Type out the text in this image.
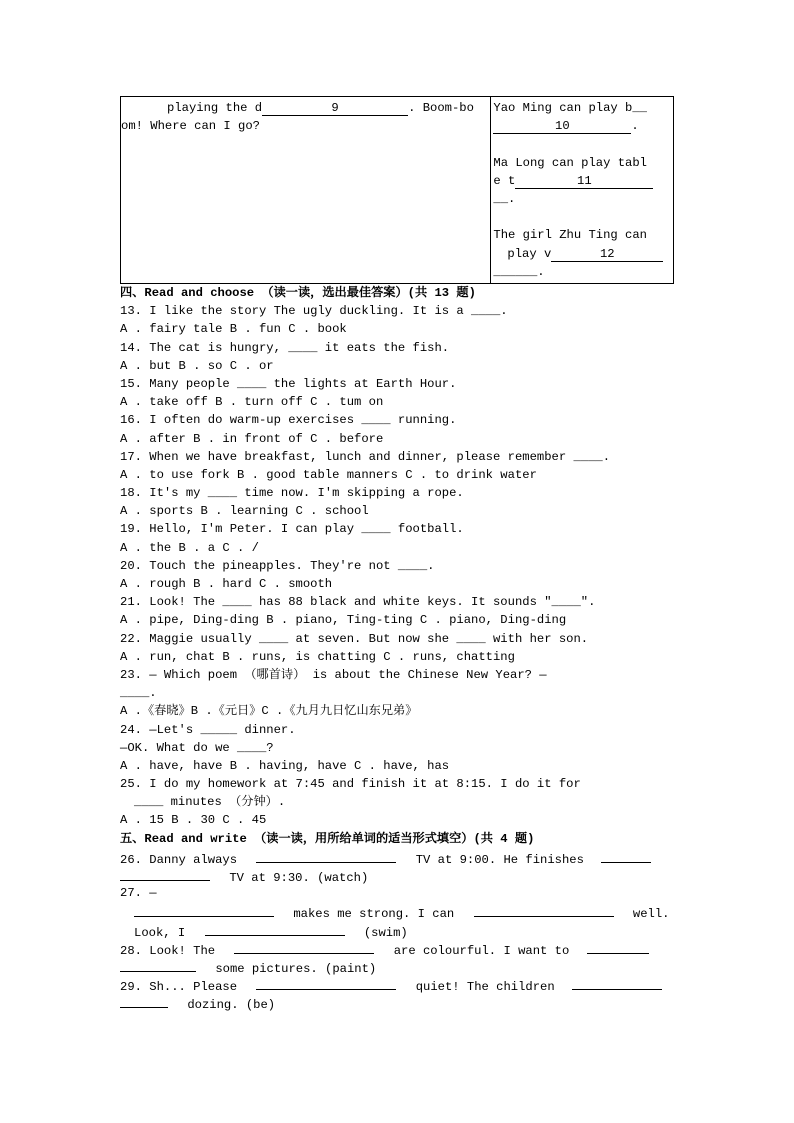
playing the d	9	. Boom-bo
om! Where can I go?

Yao Ming can play b__
10	.
Ma Long can play tabl
e t	11
__.
The girl Zhu Ting can
play v	12
______.
四、Read and choose （读一读，选出最佳答案）(共 13 题)
13. I like the story The ugly duckling. It is a ____.
A . fairy tale B . fun C . book
14. The cat is hungry, ____ it eats the fish.
A . but B . so C . or
15. Many people ____ the lights at Earth Hour.
A . take off B . turn off C . tum on
16. I often do warm-up exercises ____ running.
A . after B . in front of C . before
17. When we have breakfast, lunch and dinner, please remember ____.
A . to use fork B . good table manners C . to drink water
18. It's my ____ time now. I'm skipping a rope.
A . sports B . learning C . school
19. Hello, I'm Peter. I can play ____ football.
A . the B . a C . /
20. Touch the pineapples. They're not ____.
A . rough B . hard C . smooth
21. Look! The ____ has 88 black and white keys. It sounds "____".
A . pipe, Ding-ding B . piano, Ting-ting C . piano, Ding-ding
22. Maggie usually ____ at seven. But now she ____ with her son.
A . run, chat B . runs, is chatting C . runs, chatting
23. — Which poem （哪首诗） is about the Chinese New Year? —
____.
A .《春晓》B .《元日》C .《九月九日忆山东兄弟》
24. —Let's _____ dinner.
—OK. What do we ____?
A . have, have B . having, have C . have, has
25. I do my homework at 7:45 and finish it at 8:15. I do it for
____ minutes （分钟）.
A . 15 B . 30 C . 45
五、Read and write （读一读，用所给单词的适当形式填空）(共 4 题)
26. Danny always	TV at 9:00. He finishes
TV at 9:30. (watch)
27. —
makes me strong. I can	well.
Look, I	(swim)
28. Look! The	are colourful. I want to
some pictures. (paint)
29. Sh... Please	quiet! The children
dozing. (be)
